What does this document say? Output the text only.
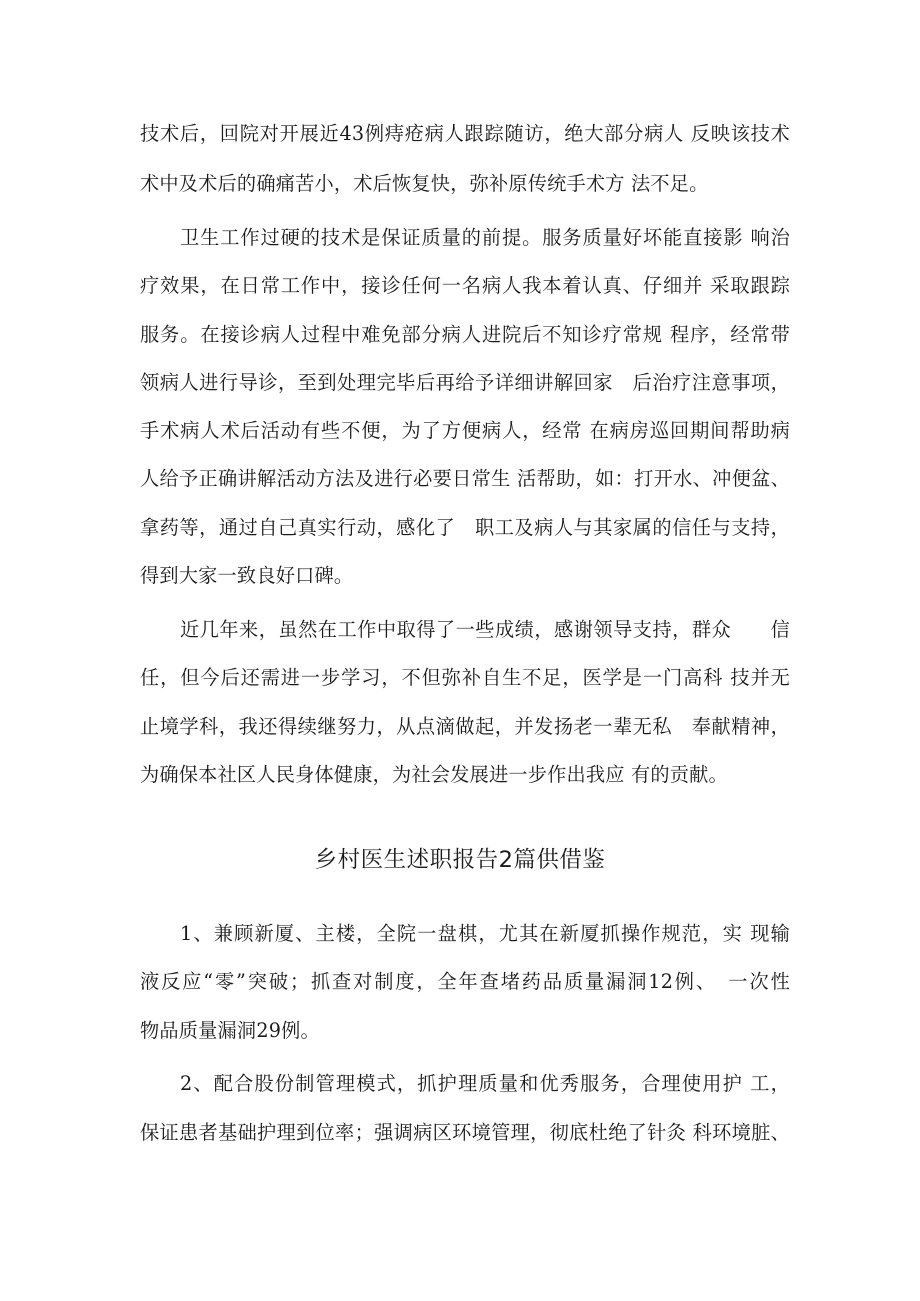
技术后，回院对开展近43例痔疮病人跟踪随访，绝大部分病人 反映该技术
术中及术后的确痛苦小，术后恢复快，弥补原传统手术方 法不足。
卫生工作过硬的技术是保证质量的前提。服务质量好坏能直接影 响治
疗效果，在日常工作中，接诊任何一名病人我本着认真、仔细并 采取跟踪
服务。在接诊病人过程中难免部分病人进院后不知诊疗常规 程序，经常带
领病人进行导诊，至到处理完毕后再给予详细讲解回家　后治疗注意事项，
手术病人术后活动有些不便，为了方便病人，经常 在病房巡回期间帮助病
人给予正确讲解活动方法及进行必要日常生 活帮助，如：打开水、冲便盆、
拿药等，通过自己真实行动，感化了　职工及病人与其家属的信任与支持，
得到大家一致良好口碑。
近几年来，虽然在工作中取得了一些成绩，感谢领导支持，群众　　信
任，但今后还需进一步学习，不但弥补自生不足，医学是一门高科 技并无
止境学科，我还得续继努力，从点滴做起，并发扬老一辈无私　奉献精神，
为确保本社区人民身体健康，为社会发展进一步作出我应 有的贡献。
乡村医生述职报告2篇供借鉴
1、兼顾新厦、主楼，全院一盘棋，尤其在新厦抓操作规范，实 现输
液反应“零”突破；抓查对制度，全年查堵药品质量漏洞12例、　一次性
物品质量漏洞29例。
2、配合股份制管理模式，抓护理质量和优秀服务，合理使用护 工，
保证患者基础护理到位率；强调病区环境管理，彻底杜绝了针灸 科环境脏、
